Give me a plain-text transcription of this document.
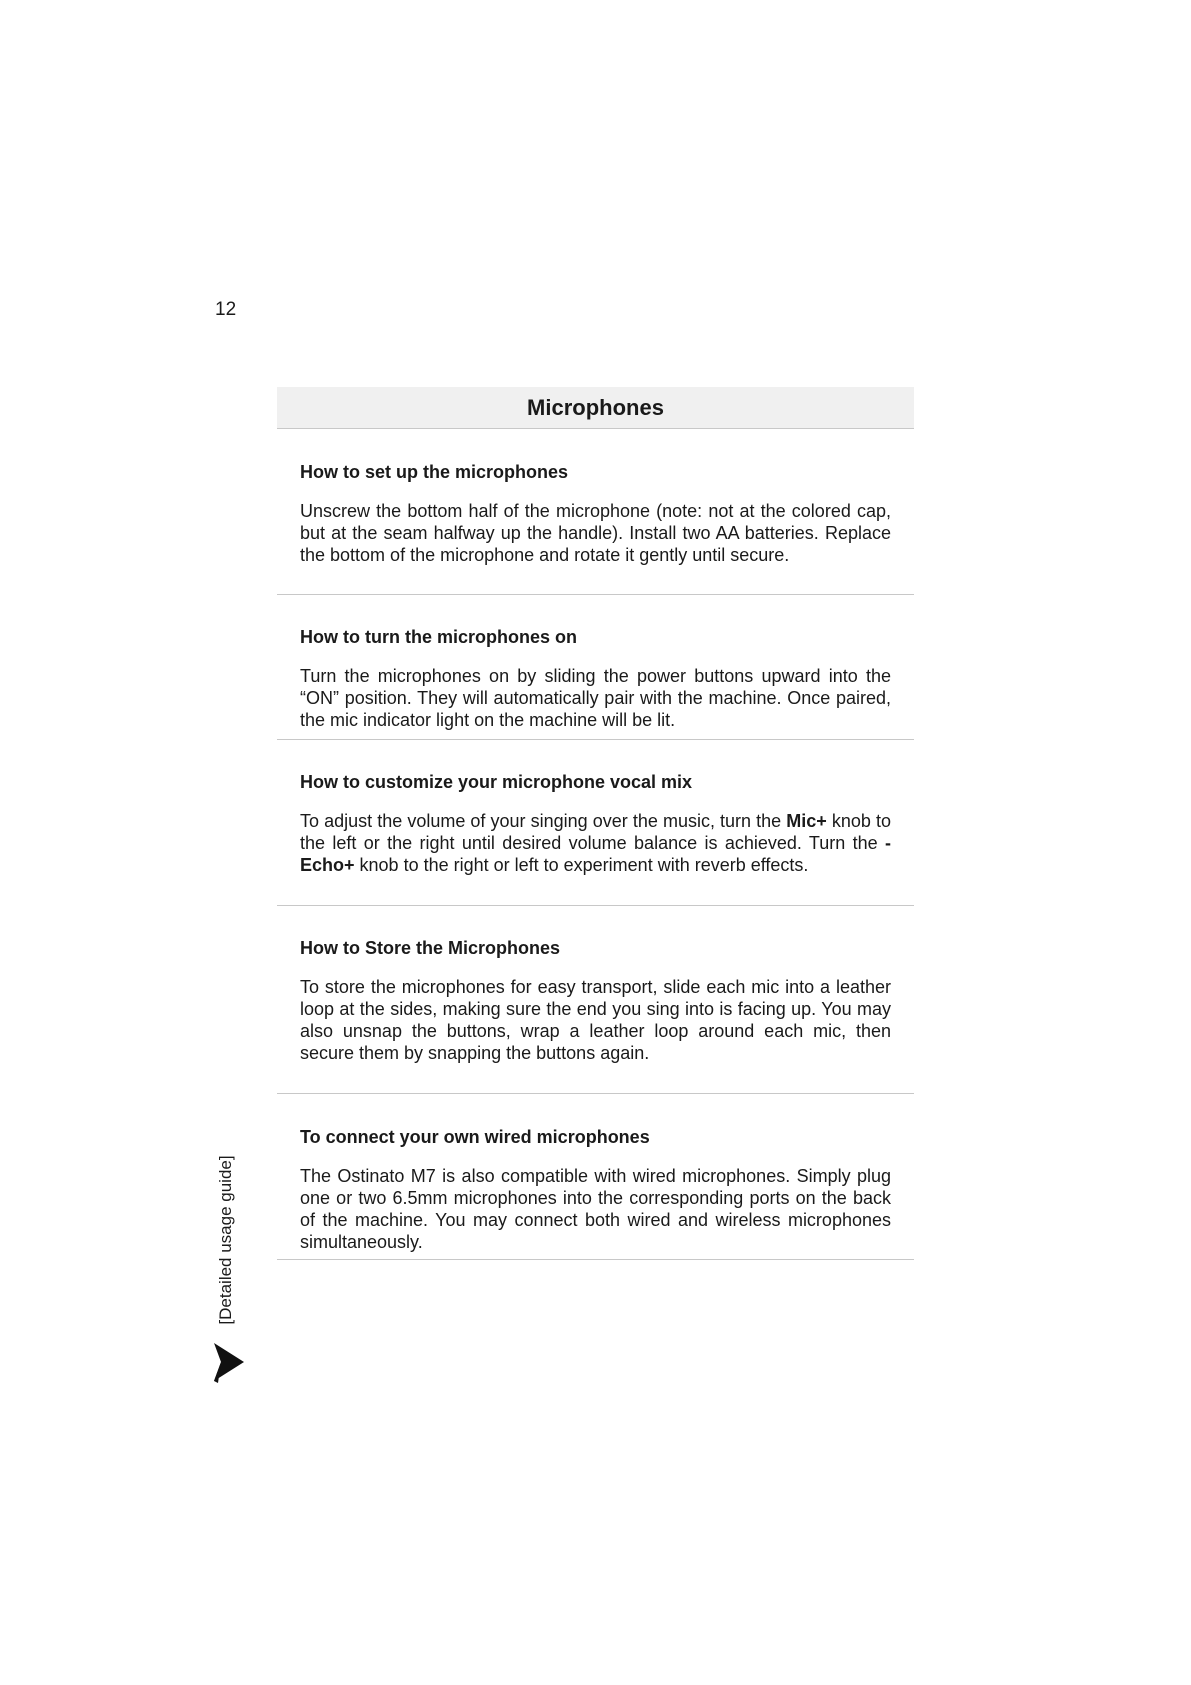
12
Microphones
How to set up the microphones

Unscrew the bottom half of the microphone (note: not at the colored cap, but at the seam halfway up the handle). Install two AA batteries. Replace the bottom of the microphone and rotate it gently until secure.

How to turn the microphones on

Turn the microphones on by sliding the power buttons upward into the “ON” position. They will automatically pair with the machine. Once paired, the mic indicator light on the machine will be lit.

How to customize your microphone vocal mix

To adjust the volume of your singing over the music, turn the Mic+ knob to the left or the right until desired volume balance is achieved. Turn the -Echo+ knob to the right or left to experiment with reverb effects.

How to Store the Microphones

To store the microphones for easy transport, slide each mic into a leather loop at the sides, making sure the end you sing into is facing up. You may also unsnap the buttons, wrap a leather loop around each mic, then secure them by snapping the buttons again.

To connect your own wired microphones

The Ostinato M7 is also compatible with wired microphones. Simply plug one or two 6.5mm microphones into the corresponding ports on the back of the machine. You may connect both wired and wireless microphones simultaneously.

[Detailed usage guide]
